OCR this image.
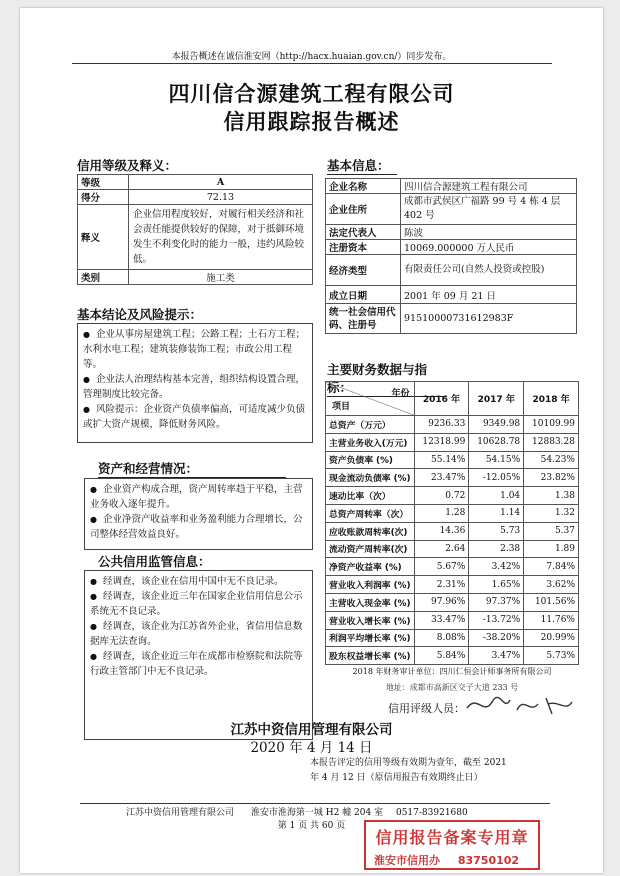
本报告概述在诚信淮安网（http://hacx.huaian.gov.cn/）同步发布。
四川信合源建筑工程有限公司
信用跟踪报告概述
信用等级及释义：
等级	A
得分	72.13
释义	企业信用程度较好，对履行相关经济和社会责任能提供较好的保障，对于抵御环境发生不利变化时的能力一般，违约风险较低。
类别	施工类
基本结论及风险提示：

● 企业从事房屋建筑工程；公路工程；土石方工程；水利水电工程；建筑装修装饰工程；市政公用工程等。

● 企业法人治理结构基本完善，组织结构设置合理，管理制度比较完备。

● 风险提示：企业资产负债率偏高，可适度减少负债或扩大资产规模，降低财务风险。

资产和经营情况：

● 企业资产构成合理，资产周转率趋于平稳，主营业务收入逐年提升。

● 企业净资产收益率和业务盈利能力合理增长，公司整体经营效益良好。

公共信用监管信息：

● 经调查，该企业在信用中国中无不良记录。

● 经调查，该企业近三年在国家企业信用信息公示系统无不良记录。

● 经调查，该企业为江苏省外企业，省信用信息数据库无法查询。

● 经调查，该企业近三年在成都市检察院和法院等行政主管部门中无不良记录。

基本信息：
企业名称	四川信合源建筑工程有限公司
企业住所	成都市武侯区广福路 99 号 4 栋 4 层 402 号
法定代表人	陈波
注册资本	10069.000000 万人民币
经济类型	有限责任公司(自然人投资或控股)
成立日期	2001 年 09 月 21 日
统一社会信用代码、注册号	91510000731612983F
主要财务数据与指标：	年份
项目	2016 年	2017 年	2018 年
总资产（万元）	9236.33	9349.98	10109.99
主营业务收入(万元)	12318.99	10628.78	12883.28
资产负债率 (%)	55.14%	54.15%	54.23%
现金流动负债率 (%)	23.47%	-12.05%	23.82%
速动比率（次）	0.72	1.04	1.38
总资产周转率（次）	1.28	1.14	1.32
应收账款周转率(次)	14.36	5.73	5.37
流动资产周转率(次)	2.64	2.38	1.89
净资产收益率 (%)	5.67%	3.42%	7.84%
营业收入利润率 (%)	2.31%	1.65%	3.62%
主营收入现金率 (%)	97.96%	97.37%	101.56%
营业收入增长率 (%)	33.47%	-13.72%	11.76%
利润平均增长率 (%)	8.08%	-38.20%	20.99%
股东权益增长率 (%)	5.84%	3.47%	5.73%
2018 年财务审计单位：四川仁恒会计师事务所有限公司
地址：成都市高新区交子大道 233 号
信用评级人员：
江苏中资信用管理有限公司
2020 年 4 月 14 日
本报告评定的信用等级有效期为壹年，截至 2021
年 4 月 12 日（原信用报告有效期终止日）
江苏中资信用管理有限公司 淮安市淮海第一城 H2 幢 204 室 0517-83921680
第 1 页 共 60 页
信用报告备案专用章
淮安市信用办 83750102
